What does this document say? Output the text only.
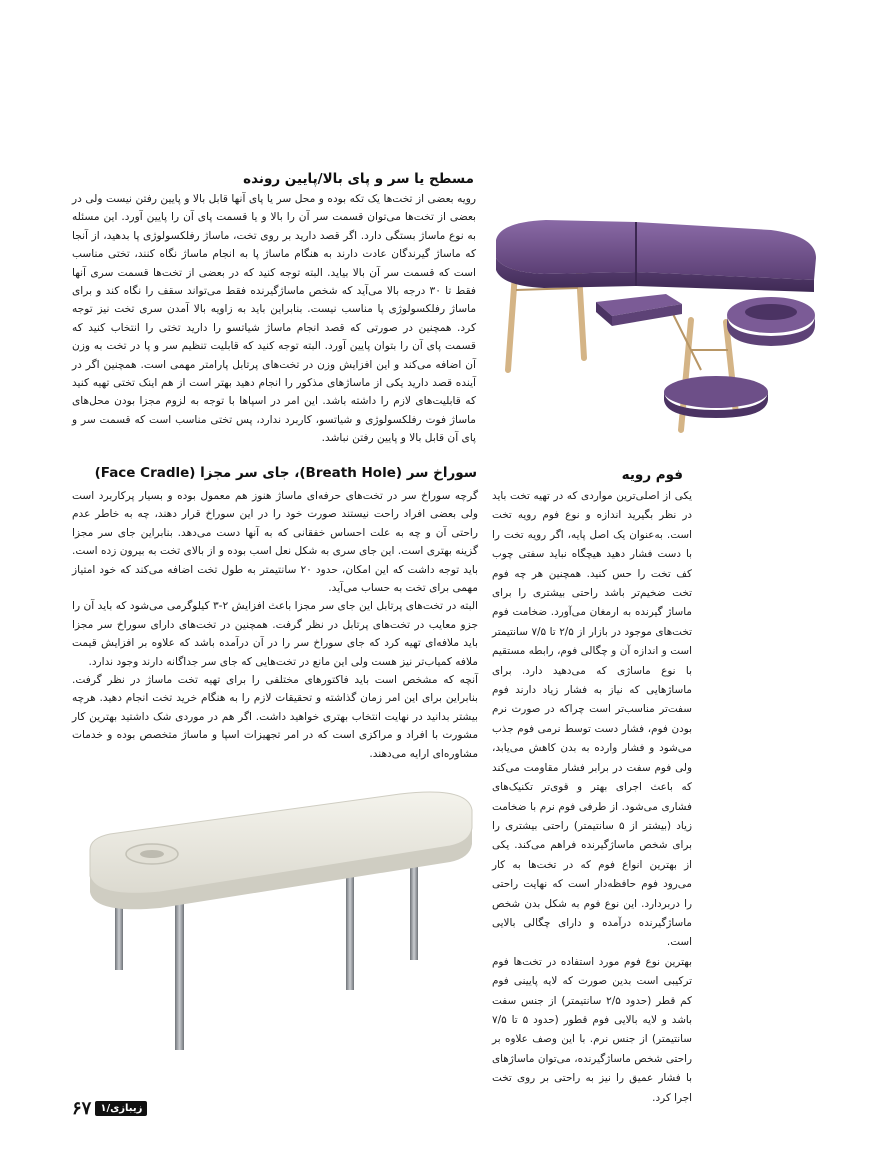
مسطح یا سر و پای بالا/پایین رونده

رویه بعضی از تخت‌ها یک تکه بوده و محل سر یا پای آنها قابل بالا و پایین رفتن نیست ولی در بعضی از تخت‌ها می‌توان قسمت سر آن را بالا و یا قسمت پای آن را پایین آورد. این مسئله به نوع ماساژ بستگی دارد. اگر قصد دارید بر روی تخت، ماساژ رفلکسولوژی پا بدهید، از آنجا که ماساژ گیرندگان عادت دارند به هنگام ماساژ پا به انجام ماساژ نگاه کنند، تختی مناسب است که قسمت سر آن بالا بیاید. البته توجه کنید که در بعضی از تخت‌ها قسمت سری آنها فقط تا ۳۰ درجه بالا می‌آید که شخص ماساژگیرنده فقط می‌تواند سقف را نگاه کند و برای ماساژ رفلکسولوژی پا مناسب نیست. بنابراین باید به زاویه بالا آمدن سری تخت نیز توجه کرد. همچنین در صورتی که قصد انجام ماساژ شیاتسو را دارید تختی را انتخاب کنید که قسمت پای آن را بتوان پایین آورد. البته توجه کنید که قابلیت تنظیم سر و پا در تخت به وزن آن اضافه می‌کند و این افزایش وزن در تخت‌های پرتابل پارامتر مهمی است. همچنین اگر در آینده قصد دارید یکی از ماساژهای مذکور را انجام دهید بهتر است از هم اینک تختی تهیه کنید که قابلیت‌های لازم را داشته باشد. این امر در اسپاها با توجه به لزوم مجزا بودن محل‌های ماساژ فوت رفلکسولوژی و شیاتسو، کاربرد ندارد، پس تختی مناسب است که قسمت سر و پای آن قابل بالا و پایین رفتن نباشد.

سوراخ سر (Breath Hole)، جای سر مجزا (Face Cradle)

گرچه سوراخ سر در تخت‌های حرفه‌ای ماساژ هنوز هم معمول بوده و بسیار پرکاربرد است ولی بعضی افراد راحت نیستند صورت خود را در این سوراخ قرار دهند، چه به خاطر عدم راحتی آن و چه به علت احساس خفقانی که به آنها دست می‌دهد. بنابراین جای سر مجزا گزینه بهتری است. این جای سری به شکل نعل اسب بوده و از بالای تخت به بیرون زده است. باید توجه داشت که این امکان، حدود ۲۰ سانتیمتر به طول تخت اضافه می‌کند که خود امتیاز مهمی برای تخت به حساب می‌آید.

البته در تخت‌های پرتابل این جای سر مجزا باعث افزایش ۲-۳ کیلوگرمی می‌شود که باید آن را جزو معایب در تخت‌های پرتابل در نظر گرفت. همچنین در تخت‌های دارای سوراخ سر مجزا باید ملافه‌ای تهیه کرد که جای سوراخ سر را در آن درآمده باشد که علاوه بر افزایش قیمت ملافه کمیاب‌تر نیز هست ولی این مانع در تخت‌هایی که جای سر جداگانه دارند وجود ندارد.

آنچه که مشخص است باید فاکتورهای مختلفی را برای تهیه تخت ماساژ در نظر گرفت. بنابراین برای این امر زمان گذاشته و تحقیقات لازم را به هنگام خرید تخت انجام دهید. هرچه بیشتر بدانید در نهایت انتخاب بهتری خواهید داشت. اگر هم در موردی شک داشتید بهترین کار مشورت با افراد و مراکزی است که در امر تجهیزات اسپا و ماساژ متخصص بوده و خدمات مشاوره‌ای ارایه می‌دهند.

فوم رویه

یکی از اصلی‌ترین مواردی که در تهیه تخت باید در نظر بگیرید اندازه و نوع فوم رویه تخت است. به‌عنوان یک اصل پایه، اگر رویه تخت را با دست فشار دهید هیچگاه نباید سفتی چوب کف تخت را حس کنید. همچنین هر چه فوم تخت ضخیم‌تر باشد راحتی بیشتری را برای ماساژ گیرنده به ارمغان می‌آورد. ضخامت فوم تخت‌های موجود در بازار از ۲/۵ تا ۷/۵ سانتیمتر است و اندازه آن و چگالی فوم، رابطه مستقیم با نوع ماساژی که می‌دهید دارد. برای ماساژهایی که نیاز به فشار زیاد دارند فوم سفت‌تر مناسب‌تر است چراکه در صورت نرم بودن فوم، فشار دست توسط نرمی فوم جذب می‌شود و فشار وارده به بدن کاهش می‌یابد، ولی فوم سفت در برابر فشار مقاومت می‌کند که باعث اجرای بهتر و قوی‌تر تکنیک‌های فشاری می‌شود. از طرفی فوم نرم با ضخامت زیاد (بیشتر از ۵ سانتیمتر) راحتی بیشتری را برای شخص ماساژگیرنده فراهم می‌کند. یکی از بهترین انواع فوم که در تخت‌ها به کار می‌رود فوم حافظه‌دار است که نهایت راحتی را دربردارد. این نوع فوم به شکل بدن شخص ماساژگیرنده درآمده و دارای چگالی بالایی است.

بهترین نوع فوم مورد استفاده در تخت‌ها فوم ترکیبی است بدین صورت که لایه پایینی فوم کم قطر (حدود ۲/۵ سانتیمتر) از جنس سفت باشد و لایه بالایی فوم قطور (حدود ۵ تا ۷/۵ سانتیمتر) از جنس نرم. با این وصف علاوه بر راحتی شخص ماساژگیرنده، می‌توان ماساژهای با فشار عمیق را نیز به راحتی بر روی تخت اجرا کرد.

۶۷ زیبازی/۱
